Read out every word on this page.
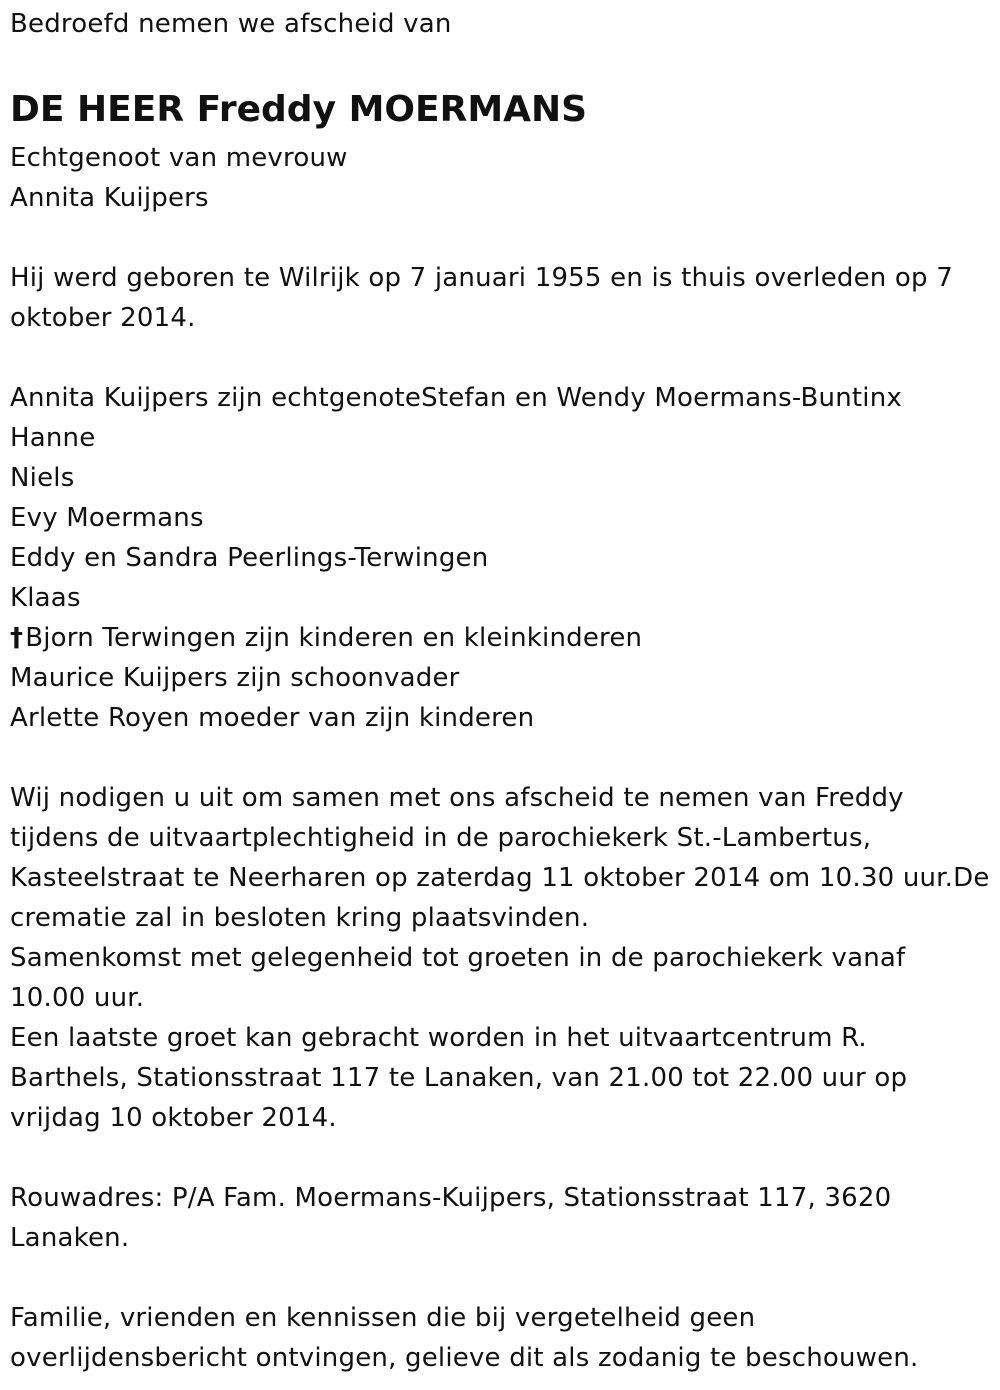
Bedroefd nemen we afscheid van
DE HEER Freddy MOERMANS
Echtgenoot van mevrouw
Annita Kuijpers
Hij werd geboren te Wilrijk op 7 januari 1955 en is thuis overleden op 7
oktober 2014.
Annita Kuijpers zijn echtgenoteStefan en Wendy Moermans-Buntinx
Hanne
Niels
Evy Moermans
Eddy en Sandra Peerlings-Terwingen
Klaas
†Bjorn Terwingen zijn kinderen en kleinkinderen
Maurice Kuijpers zijn schoonvader
Arlette Royen moeder van zijn kinderen
Wij nodigen u uit om samen met ons afscheid te nemen van Freddy
tijdens de uitvaartplechtigheid in de parochiekerk St.-Lambertus,
Kasteelstraat te Neerharen op zaterdag 11 oktober 2014 om 10.30 uur.De
crematie zal in besloten kring plaatsvinden.
Samenkomst met gelegenheid tot groeten in de parochiekerk vanaf
10.00 uur.
Een laatste groet kan gebracht worden in het uitvaartcentrum R.
Barthels, Stationsstraat 117 te Lanaken, van 21.00 tot 22.00 uur op
vrijdag 10 oktober 2014.
Rouwadres: P/A Fam. Moermans-Kuijpers, Stationsstraat 117, 3620
Lanaken.
Familie, vrienden en kennissen die bij vergetelheid geen
overlijdensbericht ontvingen, gelieve dit als zodanig te beschouwen.
